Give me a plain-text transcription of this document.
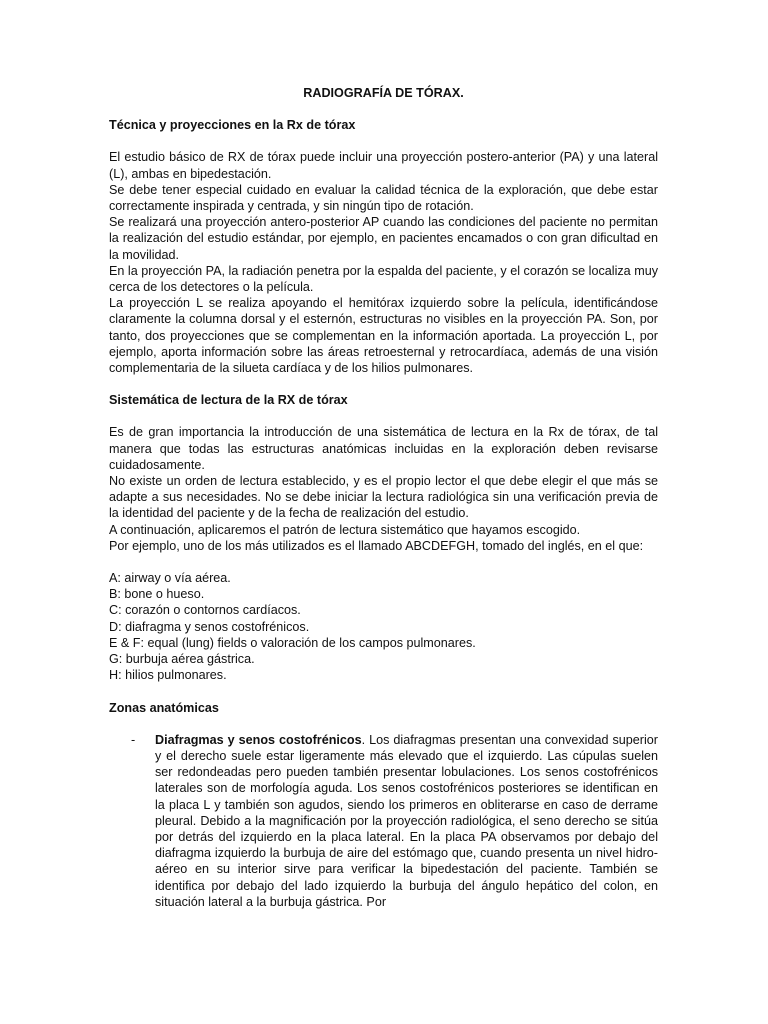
RADIOGRAFÍA DE TÓRAX.
Técnica y proyecciones en la Rx de tórax

El estudio básico de RX de tórax puede incluir una proyección postero-anterior (PA) y una lateral (L), ambas en bipedestación.

Se debe tener especial cuidado en evaluar la calidad técnica de la exploración, que debe estar correctamente inspirada y centrada, y sin ningún tipo de rotación.

Se realizará una proyección antero-posterior AP cuando las condiciones del paciente no permitan la realización del estudio estándar, por ejemplo, en pacientes encamados o con gran dificultad en la movilidad.

En la proyección PA, la radiación penetra por la espalda del paciente, y el corazón se localiza muy cerca de los detectores o la película.

La proyección L se realiza apoyando el hemitórax izquierdo sobre la película, identificándose claramente la columna dorsal y el esternón, estructuras no visibles en la proyección PA. Son, por tanto, dos proyecciones que se complementan en la información aportada. La proyección L, por ejemplo, aporta información sobre las áreas retroesternal y retrocardíaca, además de una visión complementaria de la silueta cardíaca y de los hilios pulmonares.

Sistemática de lectura de la RX de tórax

Es de gran importancia la introducción de una sistemática de lectura en la Rx de tórax, de tal manera que todas las estructuras anatómicas incluidas en la exploración deben revisarse cuidadosamente.

No existe un orden de lectura establecido, y es el propio lector el que debe elegir el que más se adapte a sus necesidades. No se debe iniciar la lectura radiológica sin una verificación previa de la identidad del paciente y de la fecha de realización del estudio.

A continuación, aplicaremos el patrón de lectura sistemático que hayamos escogido.

Por ejemplo, uno de los más utilizados es el llamado ABCDEFGH, tomado del inglés, en el que:

A: airway o vía aérea.
B: bone o hueso.
C: corazón o contornos cardíacos.
D: diafragma y senos costofrénicos.
E & F: equal (lung) fields o valoración de los campos pulmonares.
G: burbuja aérea gástrica.
H: hilios pulmonares.
Zonas anatómicas
-	Diafragmas y senos costofrénicos. Los diafragmas presentan una convexidad superior y el derecho suele estar ligeramente más elevado que el izquierdo. Las cúpulas suelen ser redondeadas pero pueden también presentar lobulaciones. Los senos costofrénicos laterales son de morfología aguda. Los senos costofrénicos posteriores se identifican en la placa L y también son agudos, siendo los primeros en obliterarse en caso de derrame pleural. Debido a la magnificación por la proyección radiológica, el seno derecho se sitúa por detrás del izquierdo en la placa lateral. En la placa PA observamos por debajo del diafragma izquierdo la burbuja de aire del estómago que, cuando presenta un nivel hidro-aéreo en su interior sirve para verificar la bipedestación del paciente. También se identifica por debajo del lado izquierdo la burbuja del ángulo hepático del colon, en situación lateral a la burbuja gástrica. Por
